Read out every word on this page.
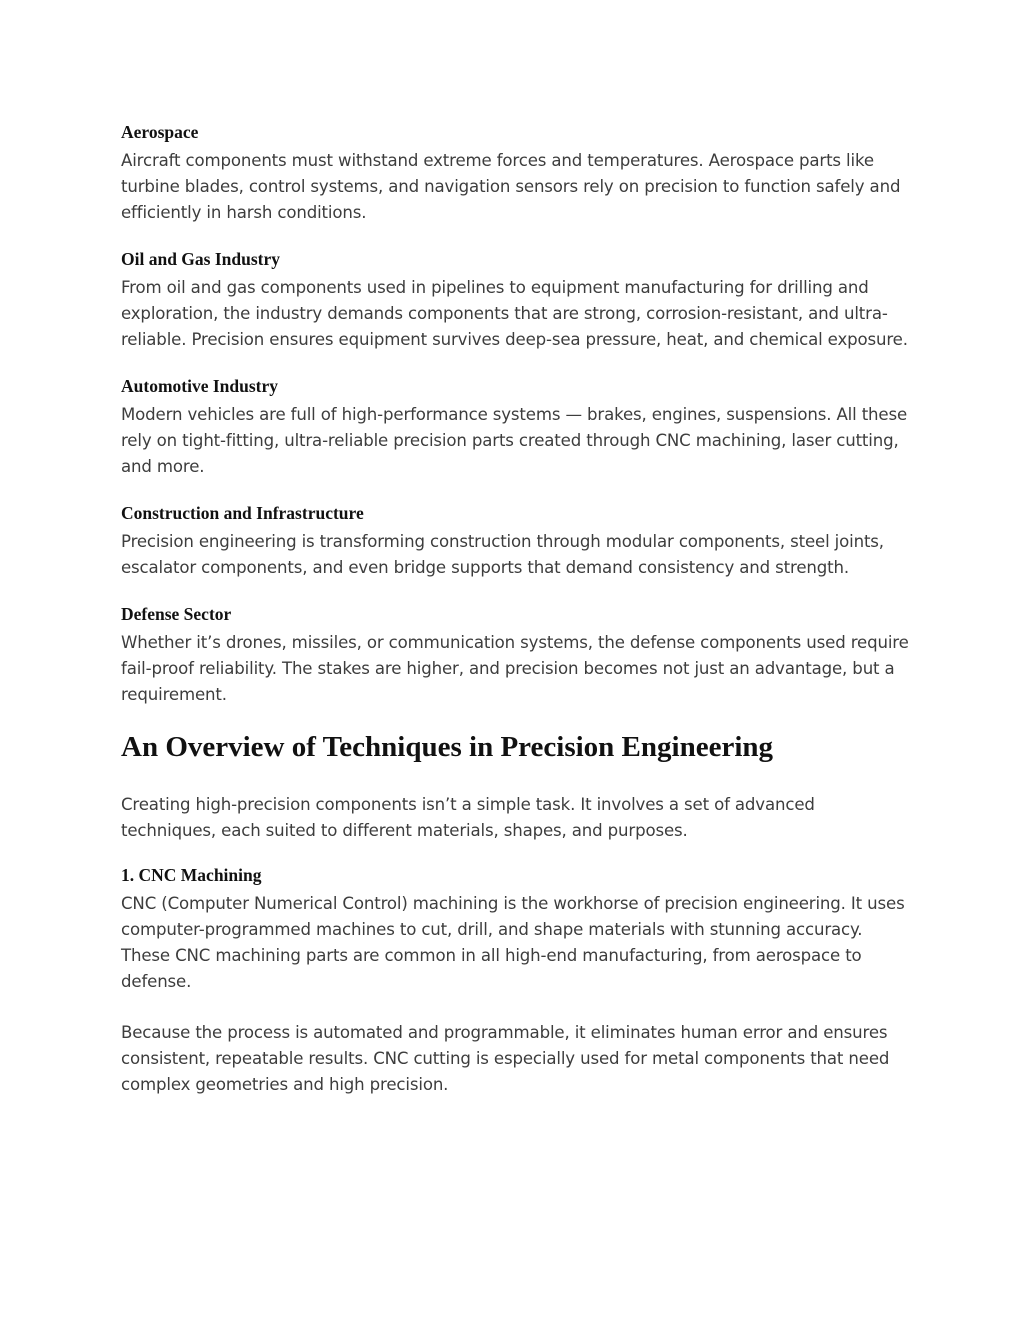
Aerospace

Aircraft components must withstand extreme forces and temperatures. Aerospace parts like turbine blades, control systems, and navigation sensors rely on precision to function safely and efficiently in harsh conditions.

Oil and Gas Industry

From oil and gas components used in pipelines to equipment manufacturing for drilling and exploration, the industry demands components that are strong, corrosion-resistant, and ultra-reliable. Precision ensures equipment survives deep-sea pressure, heat, and chemical exposure.

Automotive Industry

Modern vehicles are full of high-performance systems — brakes, engines, suspensions. All these rely on tight-fitting, ultra-reliable precision parts created through CNC machining, laser cutting, and more.

Construction and Infrastructure

Precision engineering is transforming construction through modular components, steel joints, escalator components, and even bridge supports that demand consistency and strength.

Defense Sector

Whether it’s drones, missiles, or communication systems, the defense components used require fail-proof reliability. The stakes are higher, and precision becomes not just an advantage, but a requirement.

An Overview of Techniques in Precision Engineering

Creating high-precision components isn’t a simple task. It involves a set of advanced techniques, each suited to different materials, shapes, and purposes.

1. CNC Machining

CNC (Computer Numerical Control) machining is the workhorse of precision engineering. It uses computer-programmed machines to cut, drill, and shape materials with stunning accuracy. These CNC machining parts are common in all high-end manufacturing, from aerospace to defense.

Because the process is automated and programmable, it eliminates human error and ensures consistent, repeatable results. CNC cutting is especially used for metal components that need complex geometries and high precision.
